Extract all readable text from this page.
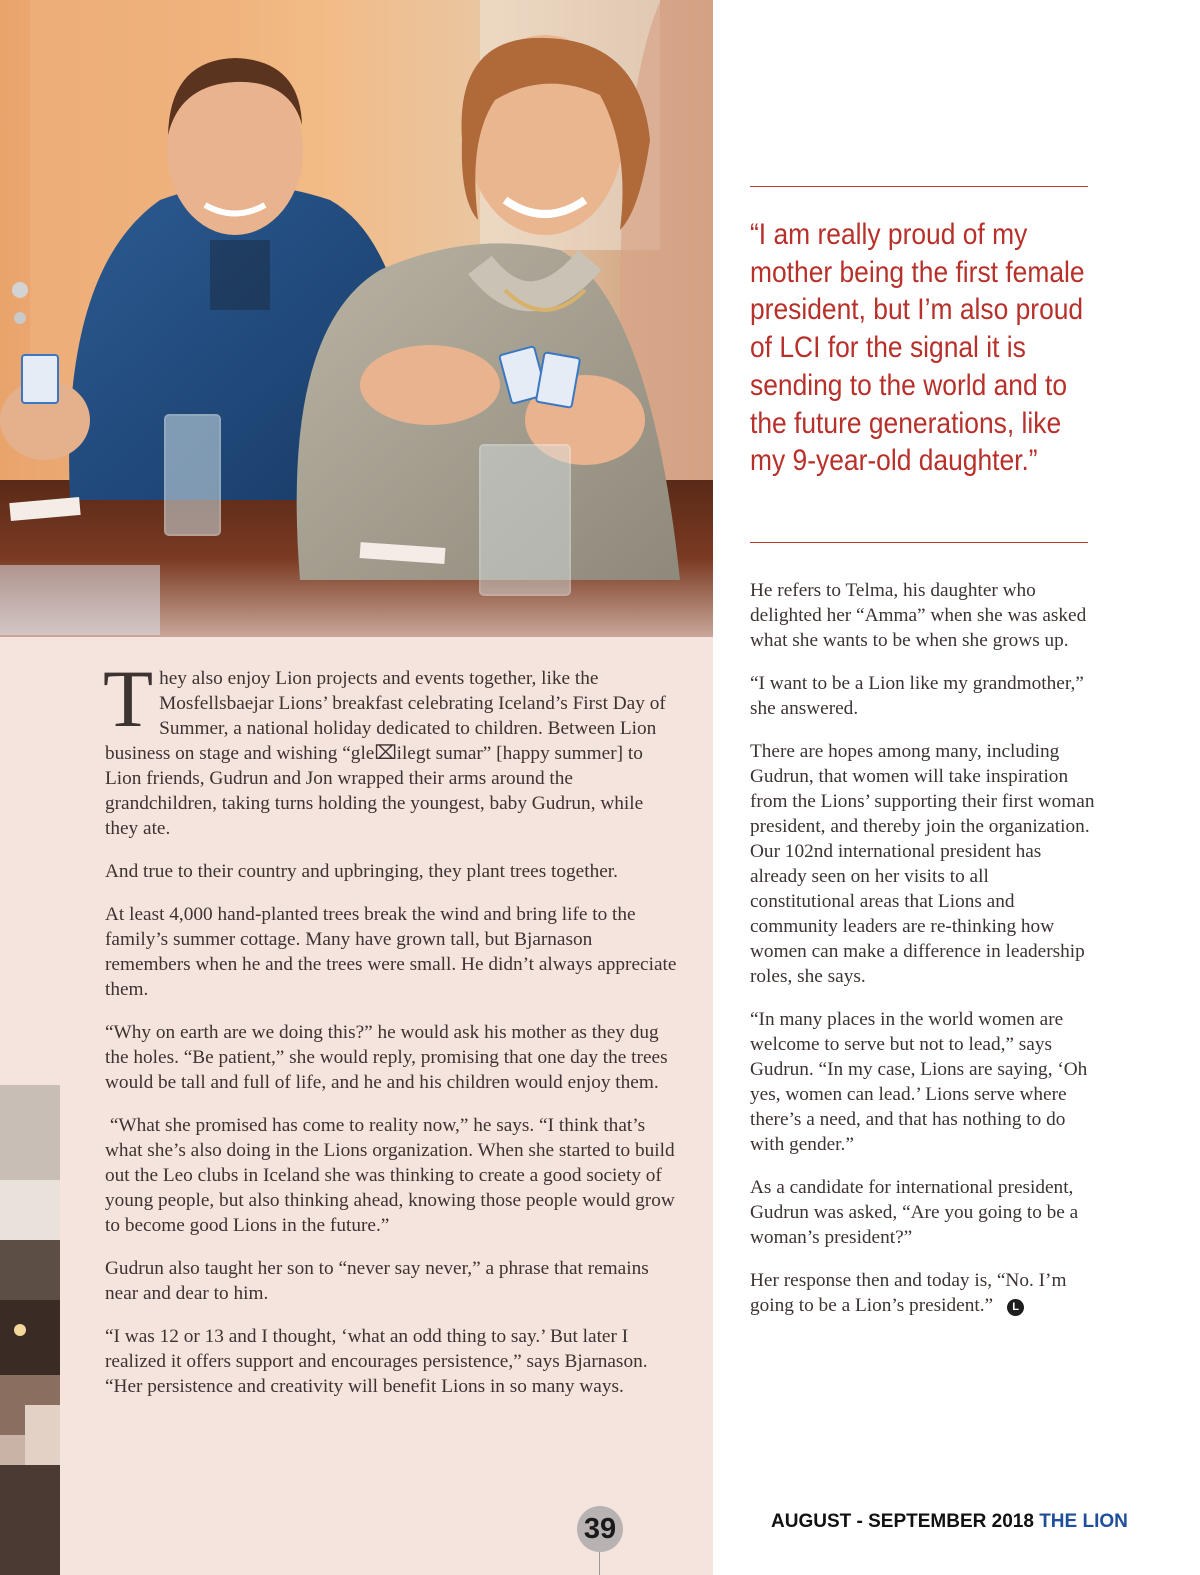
“I am really proud of my mother being the first female president, but I’m also proud of LCI for the signal it is sending to the world and to the future generations, like my 9-year-old daughter.”

They also enjoy Lion projects and events together, like the Mosfellsbaejar Lions’ breakfast celebrating Iceland’s First Day of Summer, a national holiday dedicated to children. Between Lion business on stage and wishing “gle⌧ilegt sumar” [happy summer] to Lion friends, Gudrun and Jon wrapped their arms around the grandchildren, taking turns holding the youngest, baby Gudrun, while they ate.

And true to their country and upbringing, they plant trees together.

At least 4,000 hand-planted trees break the wind and bring life to the family’s summer cottage. Many have grown tall, but Bjarnason remembers when he and the trees were small. He didn’t always appreciate them.

“Why on earth are we doing this?” he would ask his mother as they dug the holes. “Be patient,” she would reply, promising that one day the trees would be tall and full of life, and he and his children would enjoy them.

“What she promised has come to reality now,” he says. “I think that’s what she’s also doing in the Lions organization. When she started to build out the Leo clubs in Iceland she was thinking to create a good society of young people, but also thinking ahead, knowing those people would grow to become good Lions in the future.”

Gudrun also taught her son to “never say never,” a phrase that remains near and dear to him.

“I was 12 or 13 and I thought, ‘what an odd thing to say.’ But later I realized it offers support and encourages persistence,” says Bjarnason. “Her persistence and creativity will benefit Lions in so many ways.

He refers to Telma, his daughter who delighted her “Amma” when she was asked what she wants to be when she grows up.

“I want to be a Lion like my grandmother,” she answered.

There are hopes among many, including Gudrun, that women will take inspiration from the Lions’ supporting their first woman president, and thereby join the organization. Our 102nd international president has already seen on her visits to all constitutional areas that Lions and community leaders are re-thinking how women can make a difference in leadership roles, she says.

“In many places in the world women are welcome to serve but not to lead,” says Gudrun. “In my case, Lions are saying, ‘Oh yes, women can lead.’ Lions serve where there’s a need, and that has nothing to do with gender.”

As a candidate for international president, Gudrun was asked, “Are you going to be a woman’s president?”

Her response then and today is, “No. I’m going to be a Lion’s president.” L

39	AUGUST - SEPTEMBER 2018 THE LION
